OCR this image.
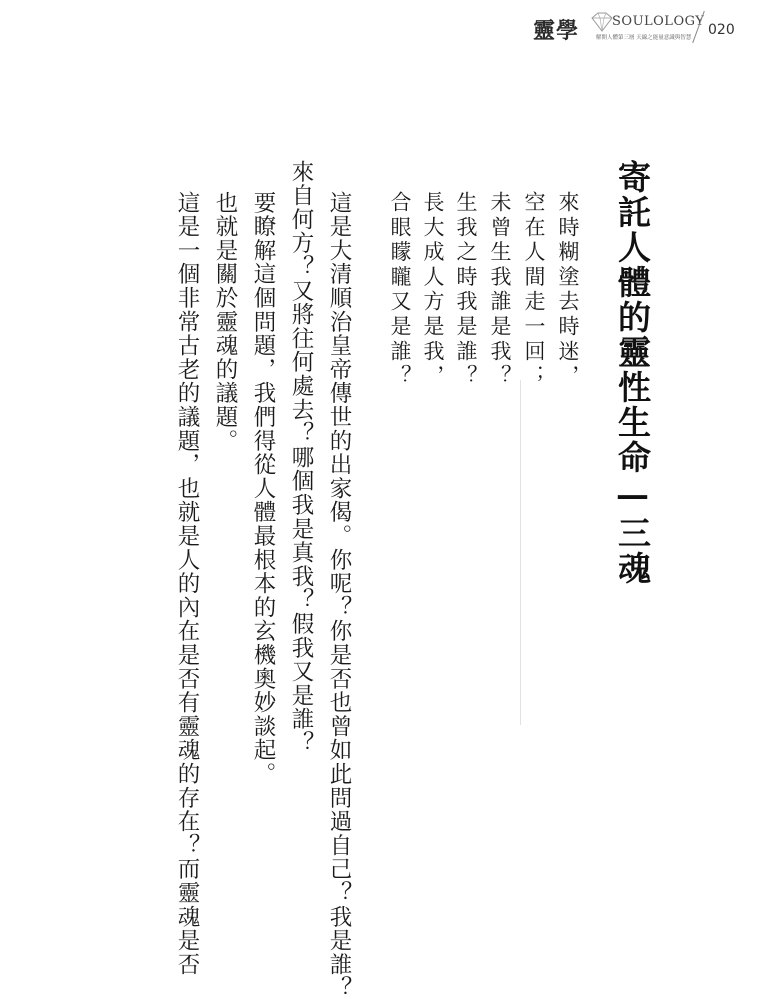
靈學	SOULOLOGY
解開人體第三層 天線之能量意識與智慧 020
寄託人體的靈性生命—三魂

來時糊塗去時迷，

空在人間走一回；

未曾生我誰是我？

生我之時我是誰？

長大成人方是我，

合眼矇矓又是誰？

這是大清順治皇帝傳世的出家偈。你呢？你是否也曾如此問過自己？我是誰？

來自何方？又將往何處去？哪個我是真我？假我又是誰？

要瞭解這個問題，我們得從人體最根本的玄機奧妙談起。

也就是關於靈魂的議題。

這是一個非常古老的議題，也就是人的內在是否有靈魂的存在？而靈魂是否
